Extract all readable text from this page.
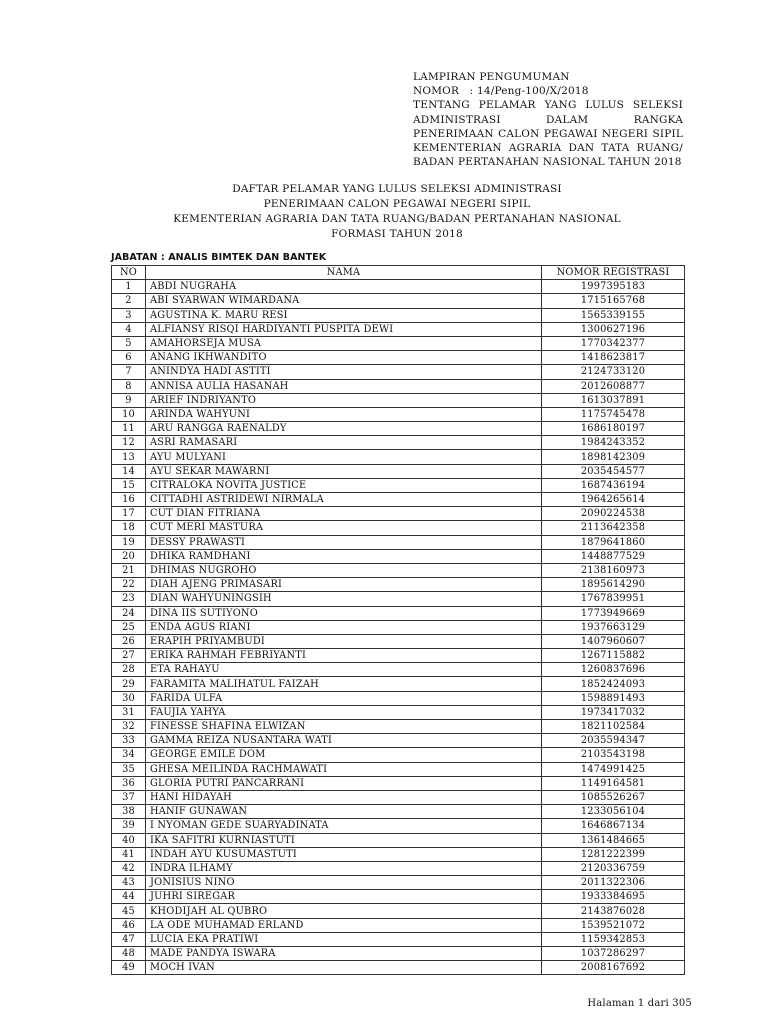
LAMPIRAN PENGUMUMAN
NOMOR   : 14/Peng-100/X/2018
TENTANG PELAMAR YANG LULUS SELEKSI
ADMINISTRASI DALAM RANGKA
PENERIMAAN CALON PEGAWAI NEGERI SIPIL
KEMENTERIAN AGRARIA DAN TATA RUANG/
BADAN PERTANAHAN NASIONAL TAHUN 2018
DAFTAR PELAMAR YANG LULUS SELEKSI ADMINISTRASI
PENERIMAAN CALON PEGAWAI NEGERI SIPIL
KEMENTERIAN AGRARIA DAN TATA RUANG/BADAN PERTANAHAN NASIONAL
FORMASI TAHUN 2018
JABATAN : ANALIS BIMTEK DAN BANTEK
NO	NAMA	NOMOR REGISTRASI
1	ABDI NUGRAHA	1997395183
2	ABI SYARWAN WIMARDANA	1715165768
3	AGUSTINA K. MARU RESI	1565339155
4	ALFIANSY RISQI HARDIYANTI PUSPITA DEWI	1300627196
5	AMAHORSEJA MUSA	1770342377
6	ANANG IKHWANDITO	1418623817
7	ANINDYA HADI ASTITI	2124733120
8	ANNISA AULIA HASANAH	2012608877
9	ARIEF INDRIYANTO	1613037891
10	ARINDA WAHYUNI	1175745478
11	ARU RANGGA RAENALDY	1686180197
12	ASRI RAMASARI	1984243352
13	AYU MULYANI	1898142309
14	AYU SEKAR MAWARNI	2035454577
15	CITRALOKA NOVITA JUSTICE	1687436194
16	CITTADHI ASTRIDEWI NIRMALA	1964265614
17	CUT DIAN FITRIANA	2090224538
18	CUT MERI MASTURA	2113642358
19	DESSY PRAWASTI	1879641860
20	DHIKA RAMDHANI	1448877529
21	DHIMAS NUGROHO	2138160973
22	DIAH AJENG PRIMASARI	1895614290
23	DIAN WAHYUNINGSIH	1767839951
24	DINA IIS SUTIYONO	1773949669
25	ENDA AGUS RIANI	1937663129
26	ERAPIH PRIYAMBUDI	1407960607
27	ERIKA RAHMAH FEBRIYANTI	1267115882
28	ETA RAHAYU	1260837696
29	FARAMITA MALIHATUL FAIZAH	1852424093
30	FARIDA ULFA	1598891493
31	FAUJIA YAHYA	1973417032
32	FINESSE SHAFINA ELWIZAN	1821102584
33	GAMMA REIZA NUSANTARA WATI	2035594347
34	GEORGE EMILE DOM	2103543198
35	GHESA MEILINDA RACHMAWATI	1474991425
36	GLORIA PUTRI PANCARRANI	1149164581
37	HANI HIDAYAH	1085526267
38	HANIF GUNAWAN	1233056104
39	I NYOMAN GEDE SUARYADINATA	1646867134
40	IKA SAFITRI KURNIASTUTI	1361484665
41	INDAH AYU KUSUMASTUTI	1281222399
42	INDRA ILHAMY	2120336759
43	JONISIUS NINO	2011322306
44	JUHRI SIREGAR	1933384695
45	KHODIJAH AL QUBRO	2143876028
46	LA ODE MUHAMAD ERLAND	1539521072
47	LUCIA EKA PRATIWI	1159342853
48	MADE PANDYA ISWARA	1037286297
49	MOCH IVAN	2008167692
Halaman 1 dari 305
